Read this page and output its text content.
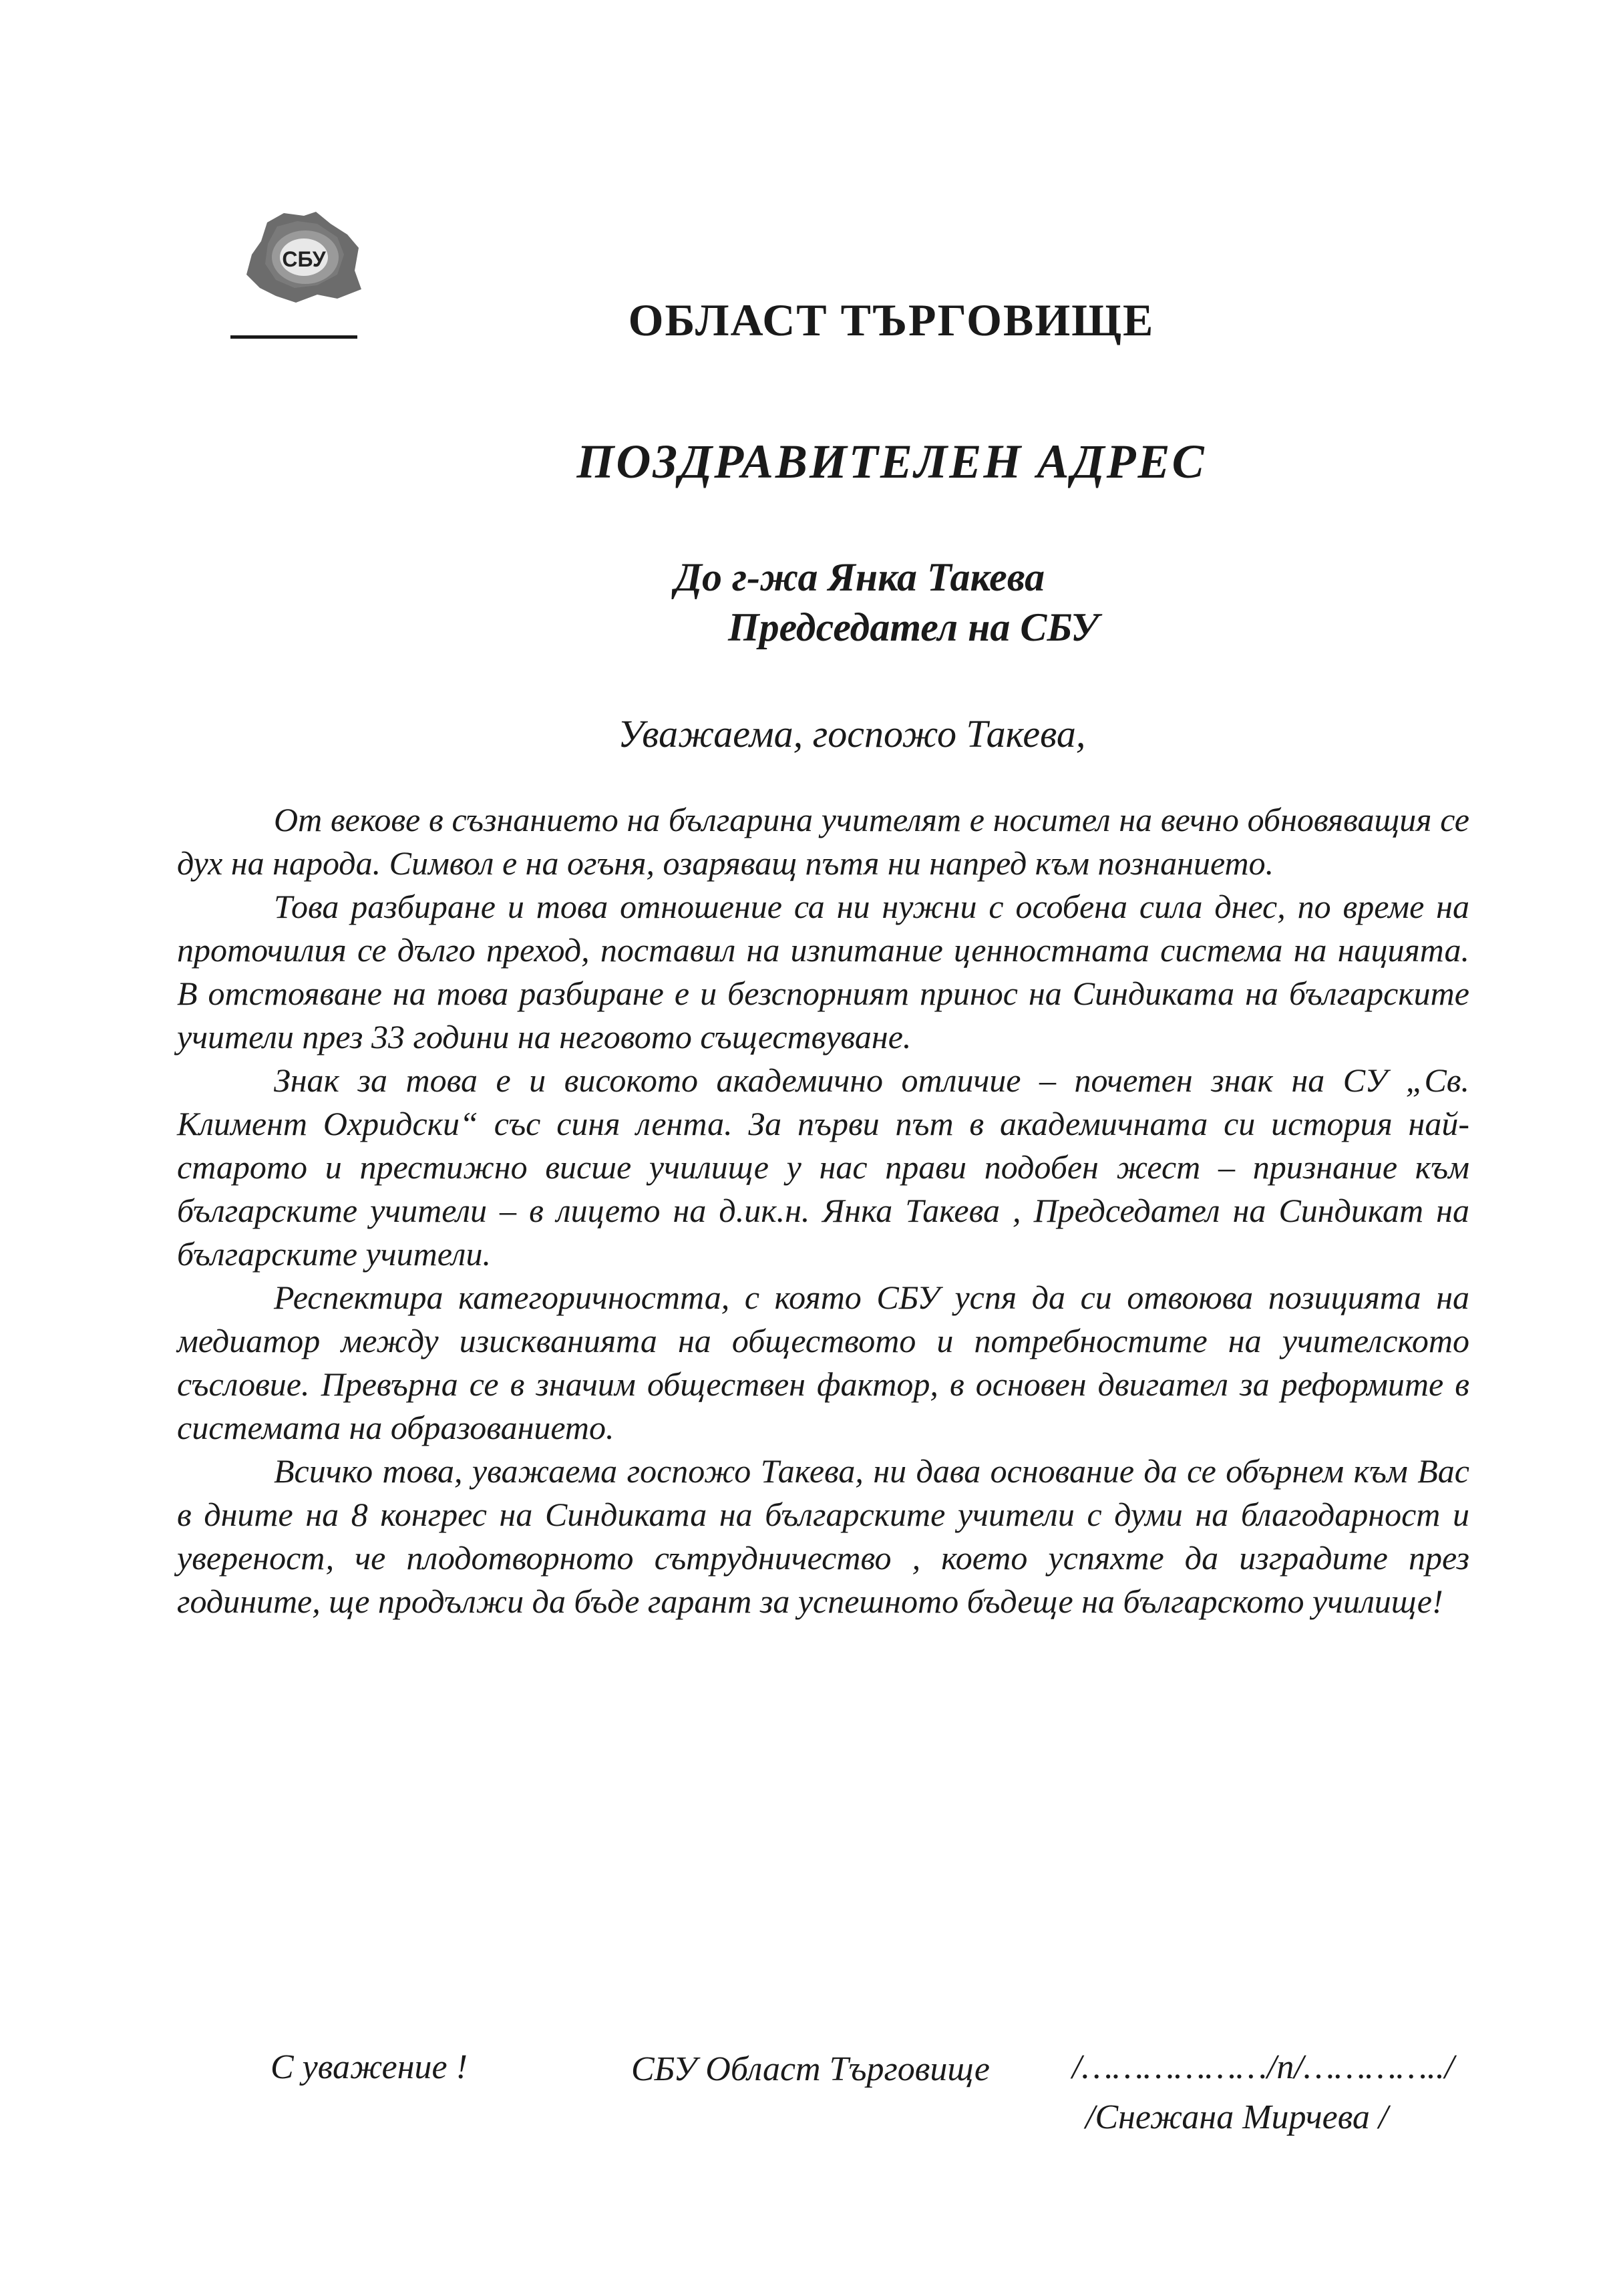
СБУ
ОБЛАСТ ТЪРГОВИЩЕ
ПОЗДРАВИТЕЛЕН АДРЕС
До г-жа Янка Такева
Председател на СБУ
Уважаема, госпожо Такева,

От векове в съзнанието на българина учителят е носител на вечно обновяващия се дух на народа. Символ е на огъня, озаряващ пътя ни напред към познанието.

Това разбиране и това отношение са ни нужни с особена сила днес, по време на проточилия се дълго преход, поставил на изпитание ценностната система на нацията. В отстояване на това разбиране е и безспорният принос на Синдиката на българските учители през 33 години на неговото съществуване.

Знак за това е и високото академично отличие – почетен знак на СУ „Св. Климент Охридски“ със синя лента. За първи път в академичната си история най-старото и престижно висше училище у нас прави подобен жест – признание към българските учители – в лицето на д.ик.н. Янка Такева , Председател на Синдикат на българските учители.

Респектира категоричността, с която СБУ успя да си отвоюва позицията на медиатор между изискванията на обществото и потребностите на учителското съсловие. Превърна се в значим обществен фактор, в основен двигател за реформите в системата на образованието.

Всичко това, уважаема госпожо Такева, ни дава основание да се обърнем към Вас в дните на 8 конгрес на Синдиката на българските учители с думи на благодарност и увереност, че плодотворното сътрудничество , което успяхте да изградите през годините, ще продължи да бъде гарант за успешното бъдеще на българското училище!

С уважение !	СБУ Област Търговище /………………/п/…………../
/Снежана Мирчева /
